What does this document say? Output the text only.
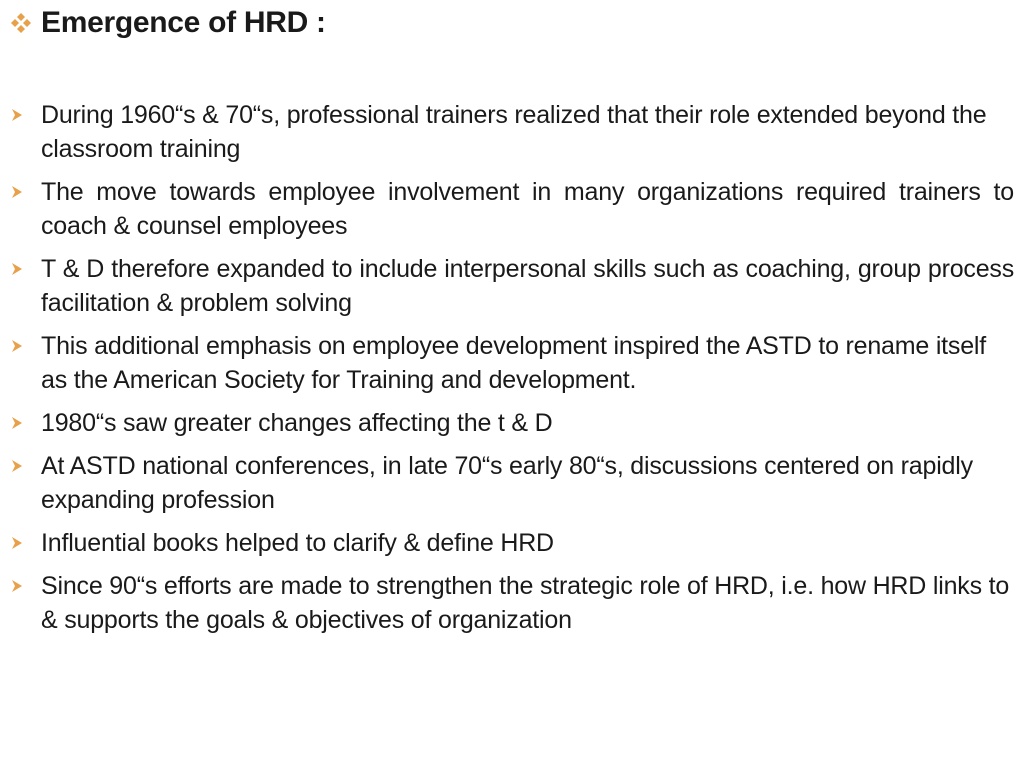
Emergence of HRD :
During 1960“s & 70“s, professional trainers realized that their role extended beyond the classroom training
The move towards employee involvement in many organizations required trainers to coach & counsel employees
T & D therefore expanded to include interpersonal skills such as coaching, group process facilitation & problem solving
This additional emphasis on employee development inspired the ASTD to rename itself as the American Society for Training and development.
1980“s saw greater changes affecting the t & D
At ASTD national conferences, in late 70“s early 80“s, discussions centered on rapidly expanding profession
Influential books helped to clarify & define HRD
Since 90“s efforts are made to strengthen the strategic role of HRD, i.e. how HRD links to & supports the goals & objectives of organization
